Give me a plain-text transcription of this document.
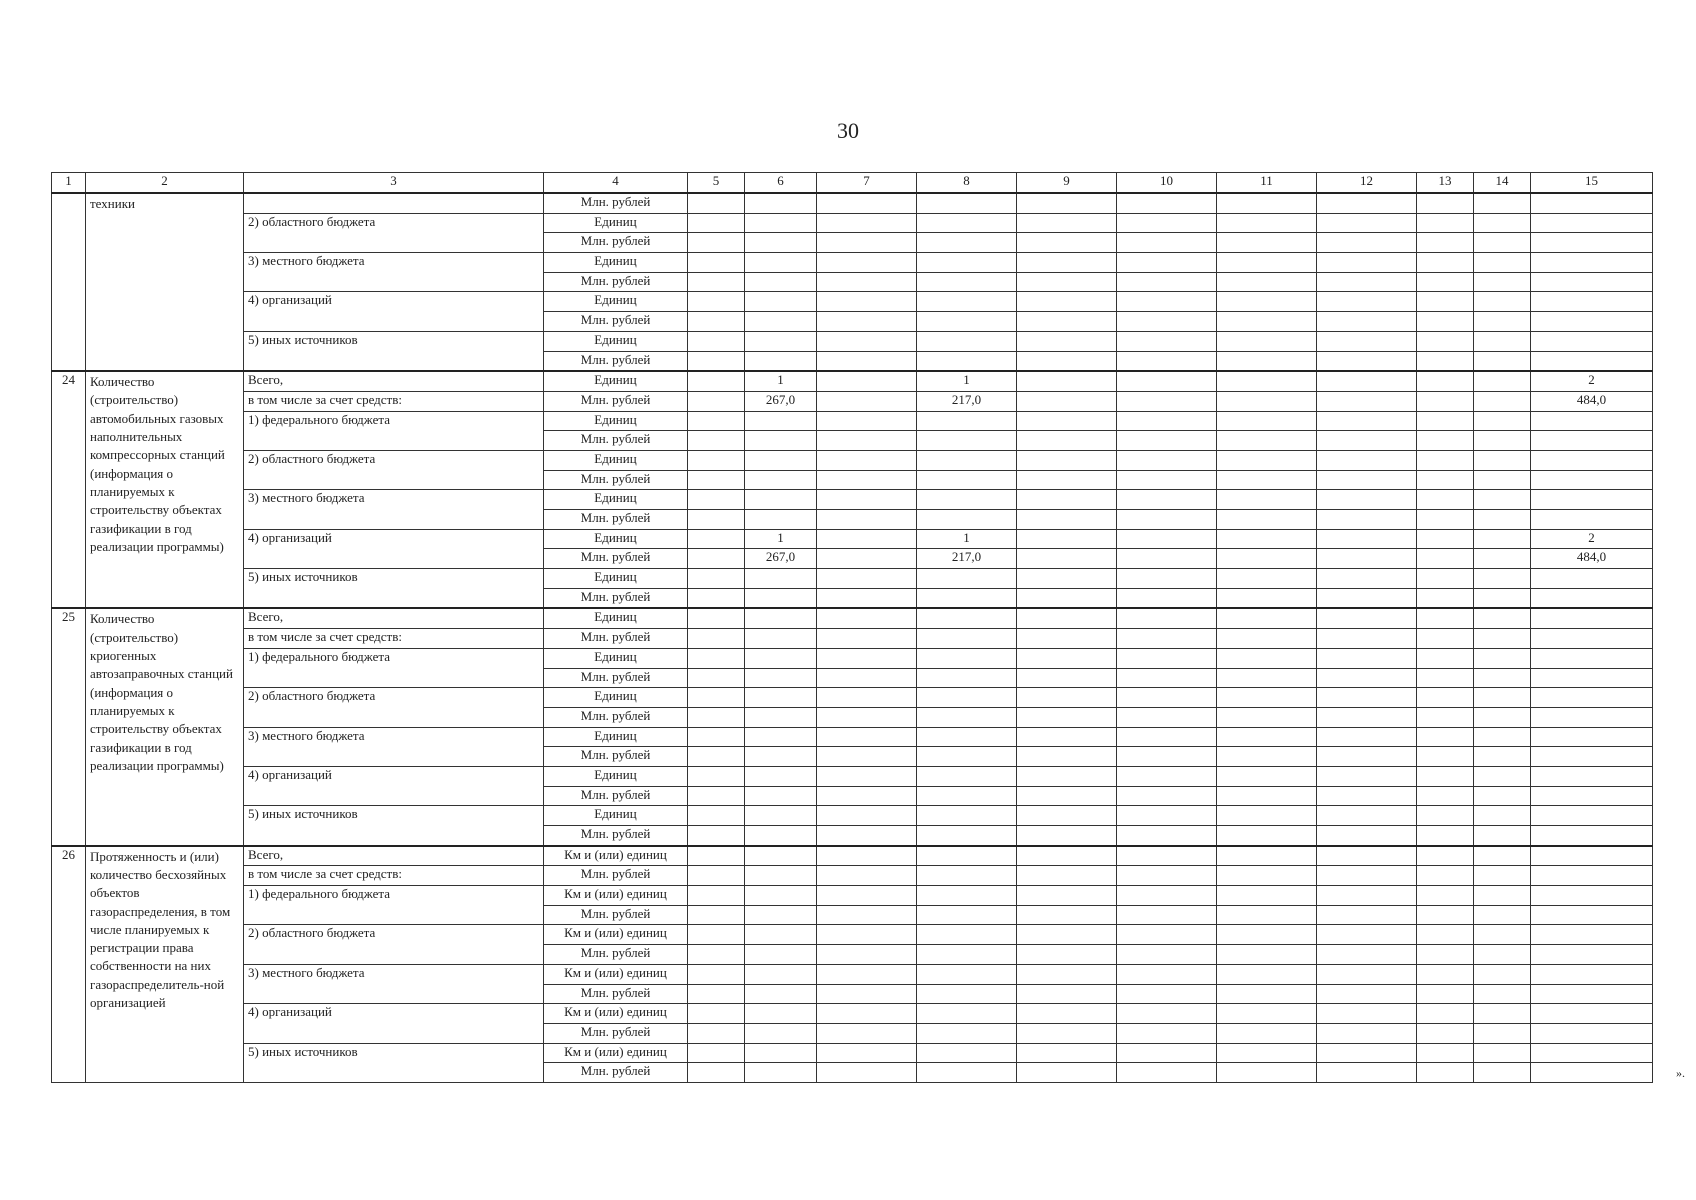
30
1	2	3	4	5	6	7	8	9	10	11	12	13	14	15
	техники		Млн. рублей											
		2) областного бюджета	Единиц											
			Млн. рублей											
		3) местного бюджета	Единиц											
			Млн. рублей											
		4) организаций	Единиц											
			Млн. рублей											
		5) иных источников	Единиц											
			Млн. рублей											
24	Количество (строительство) автомобильных газовых наполнительных компрессорных станций (информация о планируемых к строительству объектах газификации в год реализации программы)	Всего,	Единиц		1		1							2
		в том числе за счет средств:	Млн. рублей		267,0		217,0							484,0
		1) федерального бюджета	Единиц											
			Млн. рублей											
		2) областного бюджета	Единиц											
			Млн. рублей											
		3) местного бюджета	Единиц											
			Млн. рублей											
		4) организаций	Единиц		1		1							2
			Млн. рублей		267,0		217,0							484,0
		5) иных источников	Единиц											
			Млн. рублей											
25	Количество (строительство) криогенных автозаправочных станций (информация о планируемых к строительству объектах газификации в год реализации программы)	Всего,	Единиц											
		в том числе за счет средств:	Млн. рублей											
		1) федерального бюджета	Единиц											
			Млн. рублей											
		2) областного бюджета	Единиц											
			Млн. рублей											
		3) местного бюджета	Единиц											
			Млн. рублей											
		4) организаций	Единиц											
			Млн. рублей											
		5) иных источников	Единиц											
			Млн. рублей											
26	Протяженность и (или) количество бесхозяйных объектов газораспределения, в том числе планируемых к регистрации права собственности на них газораспределитель-ной организацией	Всего,	Км и (или) единиц											
		в том числе за счет средств:	Млн. рублей											
		1) федерального бюджета	Км и (или) единиц											
			Млн. рублей											
		2) областного бюджета	Км и (или) единиц											
			Млн. рублей											
		3) местного бюджета	Км и (или) единиц											
			Млн. рублей											
		4) организаций	Км и (или) единиц											
			Млн. рублей											
		5) иных источников	Км и (или) единиц											
			Млн. рублей												».
